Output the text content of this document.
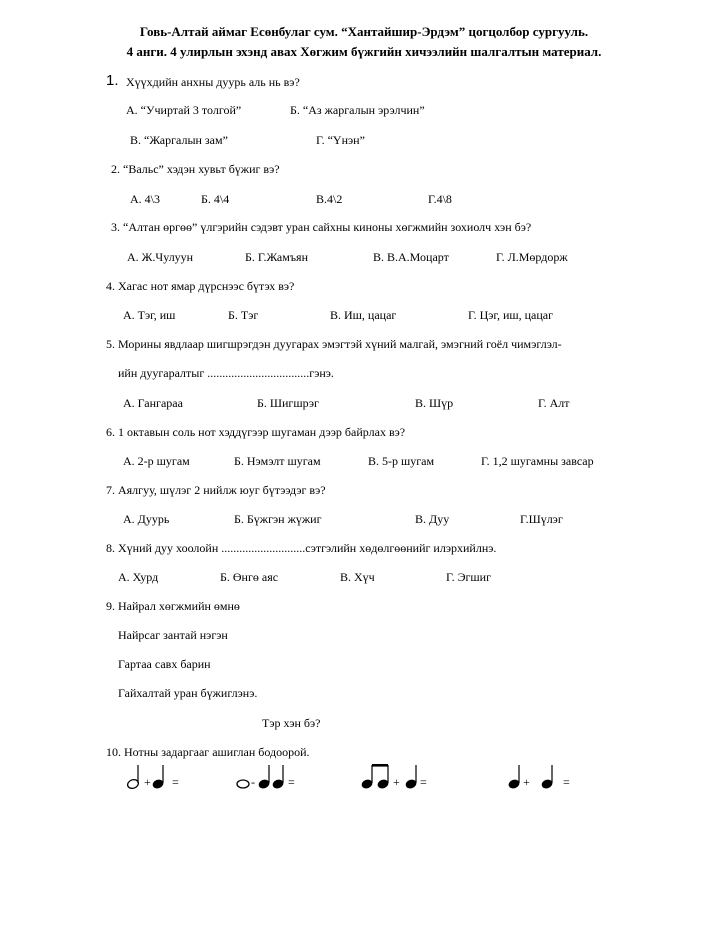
Говь-Алтай аймаг Есөнбулаг сум. “Хантайшир-Эрдэм” цогцолбор сургууль.
4 анги. 4 улирлын эхэнд авах Хөгжим бүжгийн хичээлийн шалгалтын материал.
1. Хүүхдийн анхны дуурь аль нь вэ?
А. “Учиртай 3 толгой”	Б. “Аз жаргалын эрэлчин”
В. “Жаргалын зам”	Г. “Үнэн”
2. “Вальс” хэдэн хувьт бүжиг вэ?
А. 4\3	Б. 4\4	В.4\2	Г.4\8
3. “Алтан өргөө” үлгэрийн сэдэвт уран сайхны киноны хөгжмийн зохиолч хэн бэ?
А. Ж.Чулуун	Б. Г.Жамъян	В. В.А.Моцарт	Г. Л.Мөрдорж
4. Хагас нот ямар дүрснээс бүтэх вэ?
А. Тэг, иш	Б. Тэг	В. Иш, цацаг	Г. Цэг, иш, цацаг
5. Морины явдлаар шигшрэгдэн дуугарах эмэгтэй хүний малгай, эмэгний гоёл чимэглэл-
ийн дуугаралтыг ..................................гэнэ.
А. Гангараа	Б. Шигшрэг	В. Шүр	Г. Алт
6. 1 октавын соль нот хэддүгээр шугаман дээр байрлах вэ?
А. 2-р шугам	Б. Нэмэлт шугам	В. 5-р шугам	Г. 1,2 шугамны завсар
7. Аялгуу, шүлэг 2 нийлж юуг бүтээдэг вэ?
А. Дуурь	Б. Бүжгэн жүжиг	В. Дуу	Г.Шүлэг
8. Хүний дуу хоолойн ............................сэтгэлийн хөдөлгөөнийг илэрхийлнэ.
А. Хурд	Б. Өнгө аяс	В. Хүч	Г. Эгшиг
9. Найрал хөгжмийн өмнө
Найрсаг зантай нэгэн
Гартаа савх барин
Гайхалтай уран бүжиглэнэ.
Тэр хэн бэ?
10. Нотны задаргааг ашиглан бодоорой.
+ =	-	=	+ =	+	=
